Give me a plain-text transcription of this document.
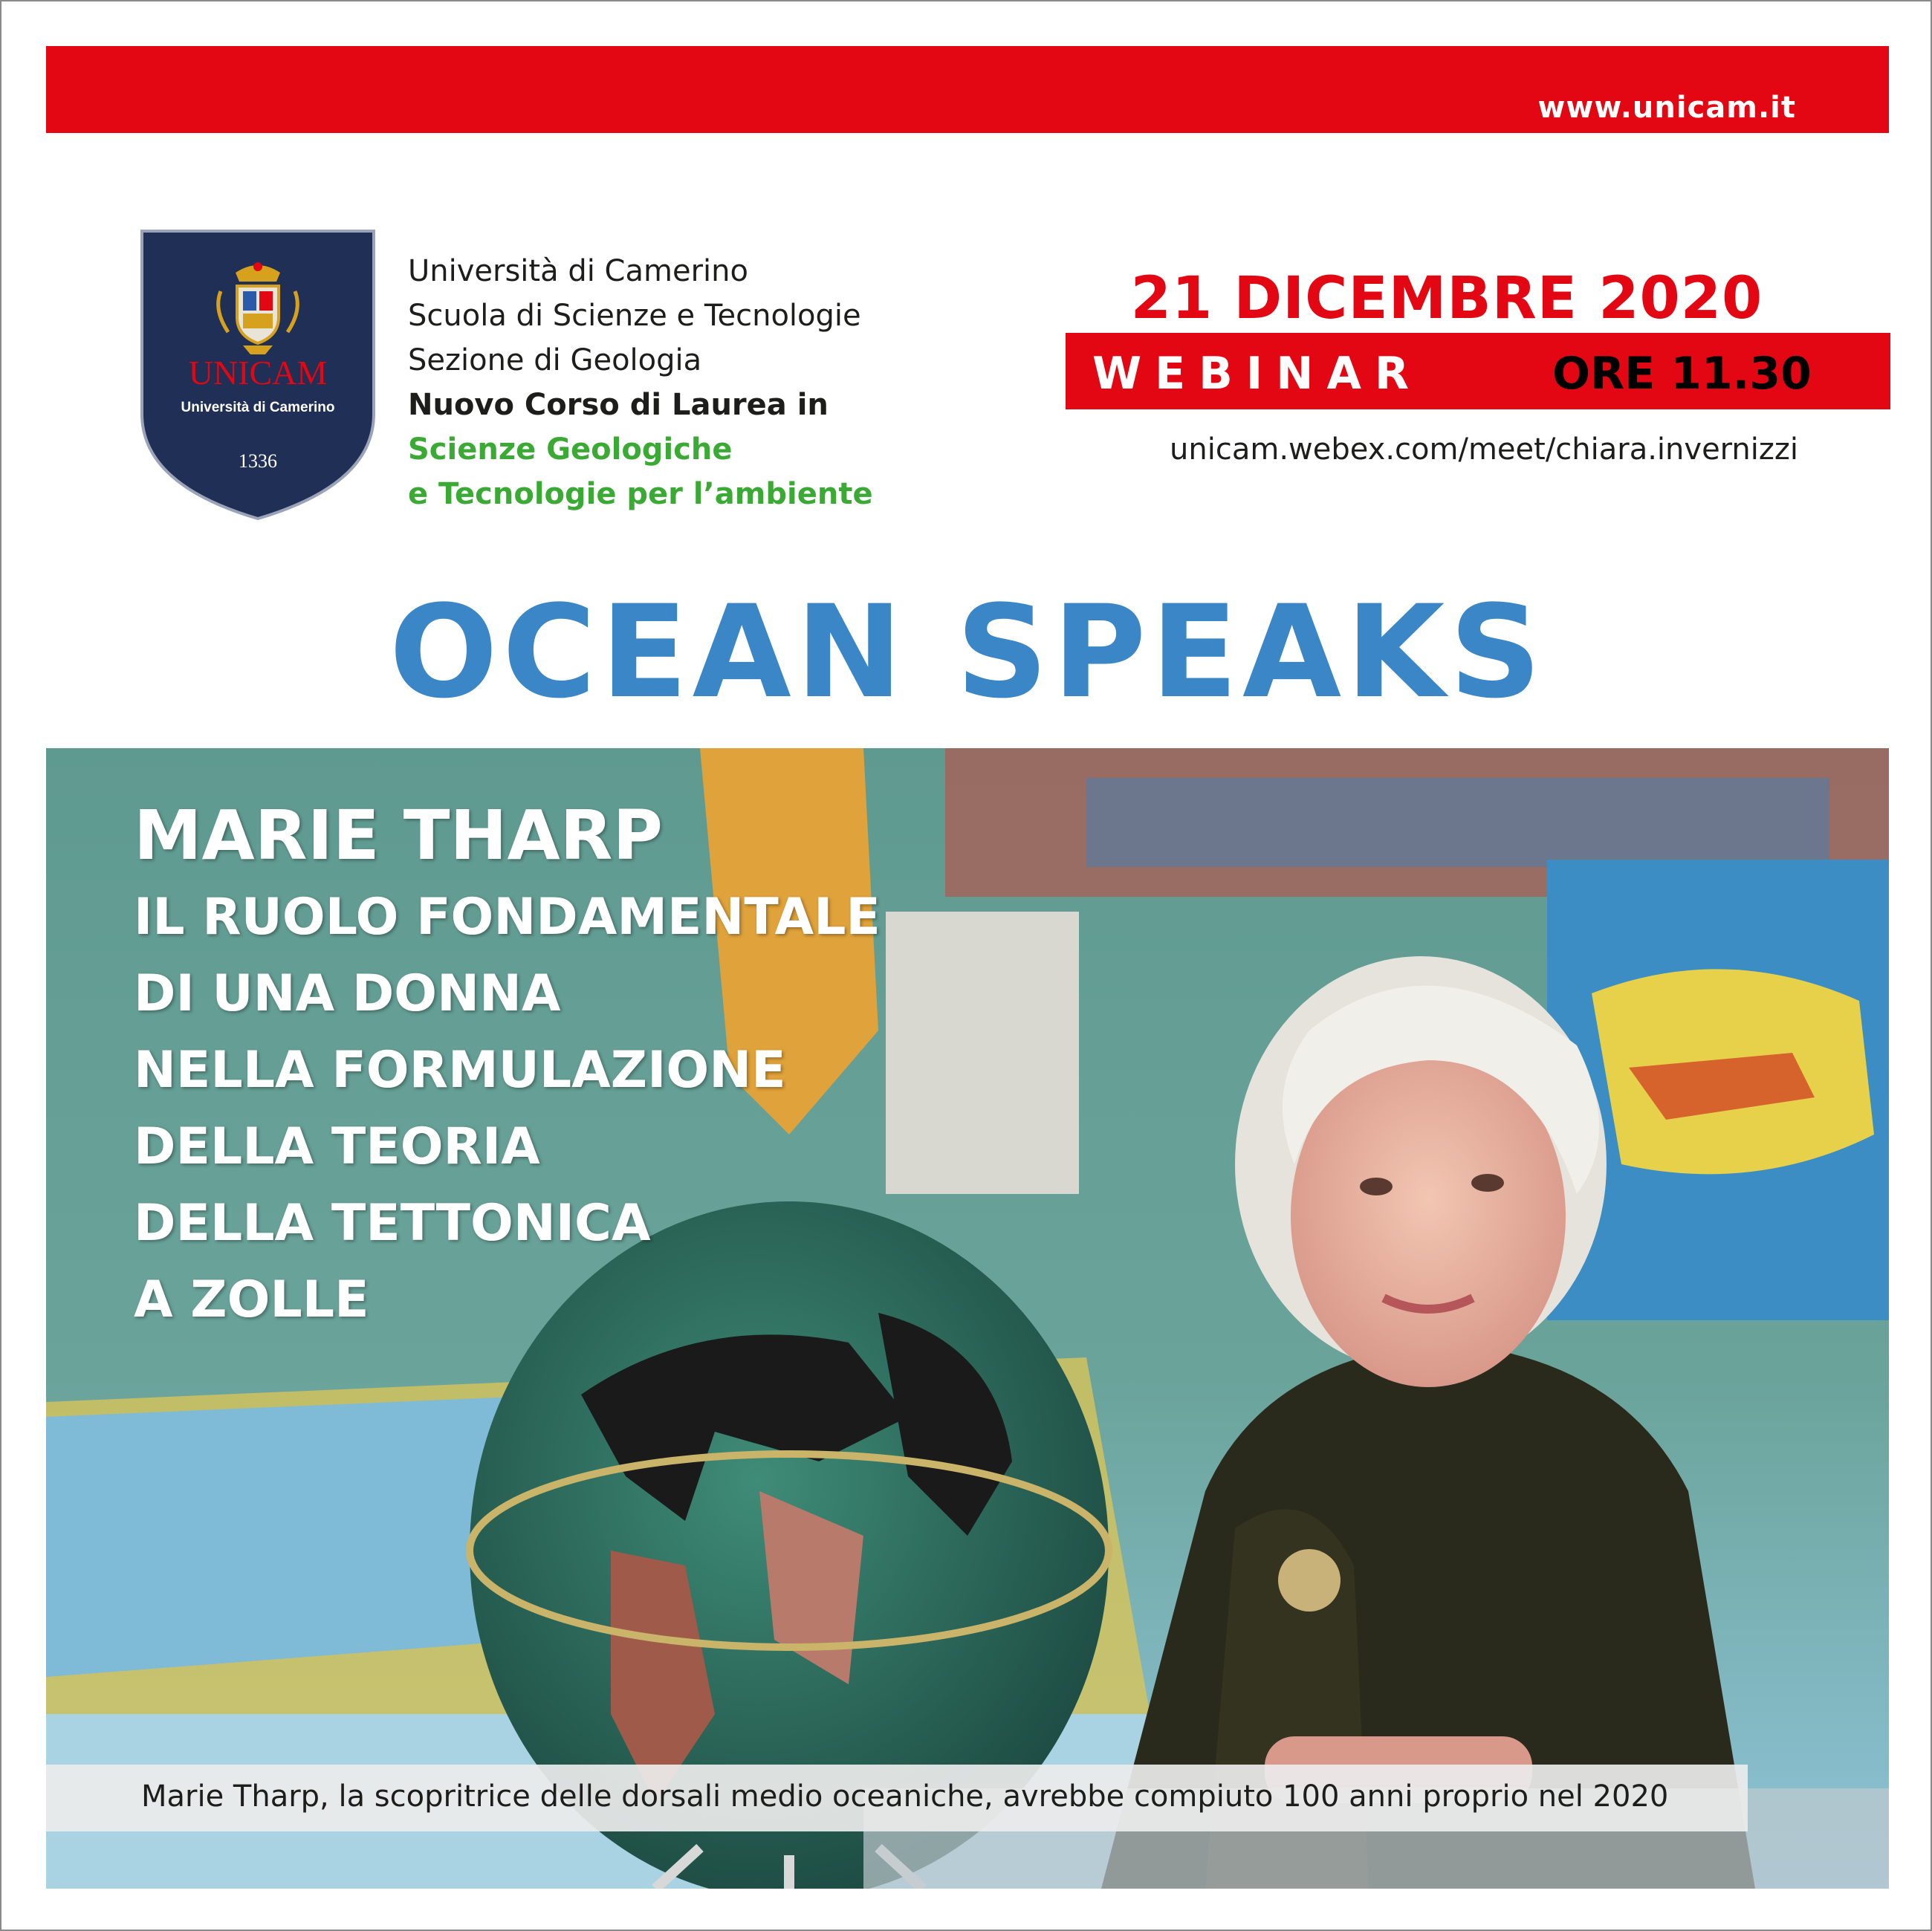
www.unicam.it
UNICAM
Università di Camerino
1336
Università di Camerino
Scuola di Scienze e Tecnologie
Sezione di Geologia
Nuovo Corso di Laurea in
Scienze Geologiche
e Tecnologie per l’ambiente
21 DICEMBRE 2020
WEBINAR	ORE 11.30
unicam.webex.com/meet/chiara.invernizzi
OCEAN SPEAKS
MARIE THARP
IL RUOLO FONDAMENTALE
DI UNA DONNA
NELLA FORMULAZIONE
DELLA TEORIA
DELLA TETTONICA
A ZOLLE
Marie Tharp, la scopritrice delle dorsali medio oceaniche, avrebbe compiuto 100 anni proprio nel 2020
